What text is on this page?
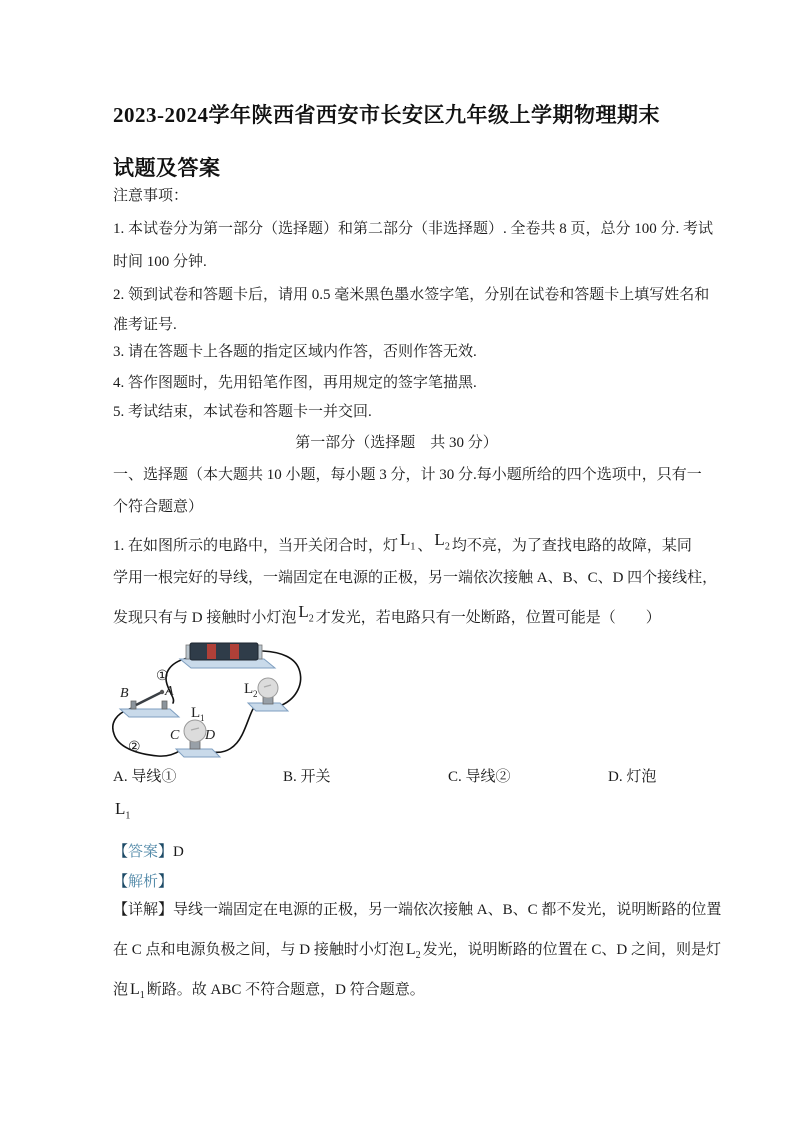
2023-2024学年陕西省西安市长安区九年级上学期物理期末
试题及答案
注意事项：
1. 本试卷分为第一部分（选择题）和第二部分（非选择题）. 全卷共 8 页，总分 100 分. 考试
时间 100 分钟.
2. 领到试卷和答题卡后，请用 0.5 毫米黑色墨水签字笔，分别在试卷和答题卡上填写姓名和
准考证号.
3. 请在答题卡上各题的指定区域内作答，否则作答无效.
4. 答作图题时，先用铅笔作图，再用规定的签字笔描黑.
5. 考试结束，本试卷和答题卡一并交回.
第一部分（选择题　共 30 分）
一、选择题（本大题共 10 小题，每小题 3 分，计 30 分.每小题所给的四个选项中，只有一
个符合题意）
1. 在如图所示的电路中，当开关闭合时，灯 $L_1$ 、 $L_2$ 均不亮，为了查找电路的故障，某同
学用一根完好的导线，一端固定在电源的正极，另一端依次接触 A、B、C、D 四个接线柱，
发现只有与 D 接触时小灯泡 $L_2$ 才发光，若电路只有一处断路，位置可能是（　　）
①
B	A
②
L 1
C D
L 2
A. 导线①	B. 开关	C. 导线②	D. 灯泡
$L_1$
【答案】D
【解析】
【详解】导线一端固定在电源的正极，另一端依次接触 A、B、C 都不发光，说明断路的位置
在 C 点和电源负极之间，与 D 接触时小灯泡 $L_2$ 发光，说明断路的位置在 C、D 之间，则是灯
泡 $L_1$ 断路。故 ABC 不符合题意，D 符合题意。
